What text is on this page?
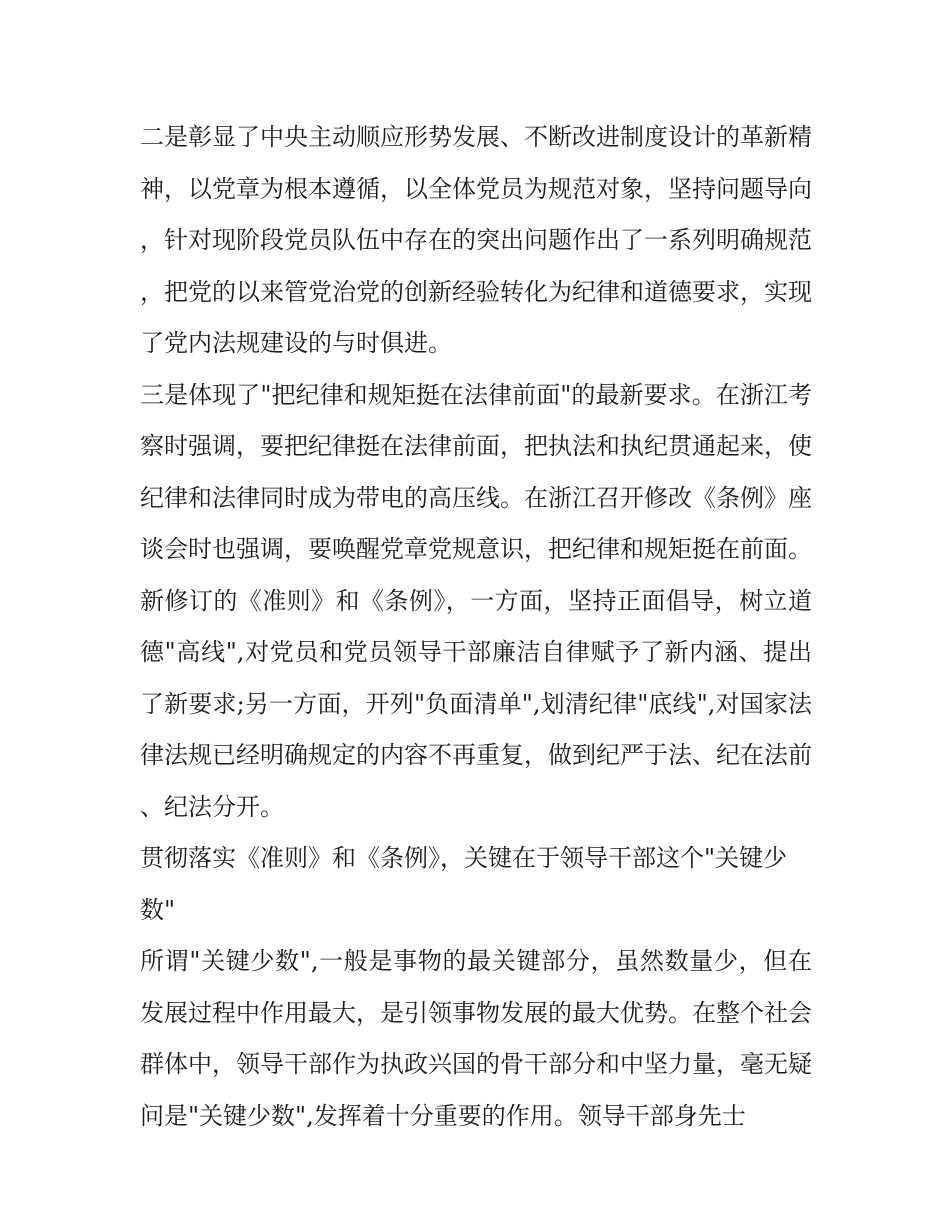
二是彰显了中央主动顺应形势发展、不断改进制度设计的革新精神，以党章为根本遵循，以全体党员为规范对象，坚持问题导向，针对现阶段党员队伍中存在的突出问题作出了一系列明确规范，把党的以来管党治党的创新经验转化为纪律和道德要求，实现了党内法规建设的与时俱进。

三是体现了"把纪律和规矩挺在法律前面"的最新要求。在浙江考察时强调，要把纪律挺在法律前面，把执法和执纪贯通起来，使纪律和法律同时成为带电的高压线。在浙江召开修改《条例》座谈会时也强调，要唤醒党章党规意识，把纪律和规矩挺在前面。新修订的《准则》和《条例》，一方面，坚持正面倡导，树立道德"高线",对党员和党员领导干部廉洁自律赋予了新内涵、提出了新要求;另一方面，开列"负面清单",划清纪律"底线",对国家法律法规已经明确规定的内容不再重复，做到纪严于法、纪在法前、纪法分开。

贯彻落实《准则》和《条例》，关键在于领导干部这个"关键少数"

所谓"关键少数",一般是事物的最关键部分，虽然数量少，但在发展过程中作用最大，是引领事物发展的最大优势。在整个社会群体中，领导干部作为执政兴国的骨干部分和中坚力量，毫无疑问是"关键少数",发挥着十分重要的作用。领导干部身先士
